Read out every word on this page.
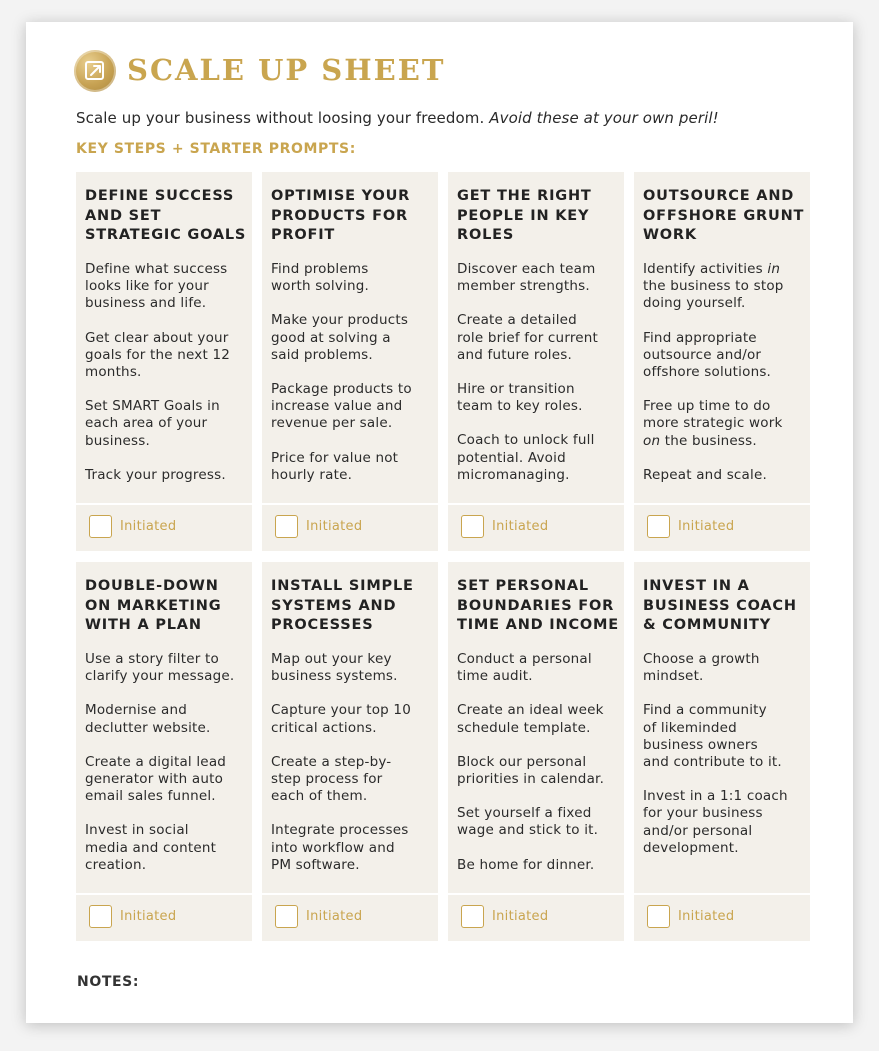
SCALE UP SHEET
Scale up your business without loosing your freedom. Avoid these at your own peril!
KEY STEPS + STARTER PROMPTS:
DEFINE SUCCESS
AND SET
STRATEGIC GOALS

Define what success
looks like for your
business and life.

Get clear about your
goals for the next 12
months.

Set SMART Goals in
each area of your
business.

Track your progress.

Initiated
OPTIMISE YOUR
PRODUCTS FOR
PROFIT

Find problems
worth solving.

Make your products
good at solving a
said problems.

Package products to
increase value and
revenue per sale.

Price for value not
hourly rate.

Initiated
GET THE RIGHT
PEOPLE IN KEY
ROLES

Discover each team
member strengths.

Create a detailed
role brief for current
and future roles.

Hire or transition
team to key roles.

Coach to unlock full
potential. Avoid
micromanaging.

Initiated
OUTSOURCE AND
OFFSHORE GRUNT
WORK

Identify activities in
the business to stop
doing yourself.

Find appropriate
outsource and/or
offshore solutions.

Free up time to do
more strategic work
on the business.

Repeat and scale.

Initiated
DOUBLE-DOWN
ON MARKETING
WITH A PLAN

Use a story filter to
clarify your message.

Modernise and
declutter website.

Create a digital lead
generator with auto
email sales funnel.

Invest in social
media and content
creation.

Initiated
INSTALL SIMPLE
SYSTEMS AND
PROCESSES

Map out your key
business systems.

Capture your top 10
critical actions.

Create a step-by-
step process for
each of them.

Integrate processes
into workflow and
PM software.

Initiated
SET PERSONAL
BOUNDARIES FOR
TIME AND INCOME

Conduct a personal
time audit.

Create an ideal week
schedule template.

Block our personal
priorities in calendar.

Set yourself a fixed
wage and stick to it.

Be home for dinner.

Initiated
INVEST IN A
BUSINESS COACH
& COMMUNITY

Choose a growth
mindset.

Find a community
of likeminded
business owners
and contribute to it.

Invest in a 1:1 coach
for your business
and/or personal
development.

Initiated
NOTES:
